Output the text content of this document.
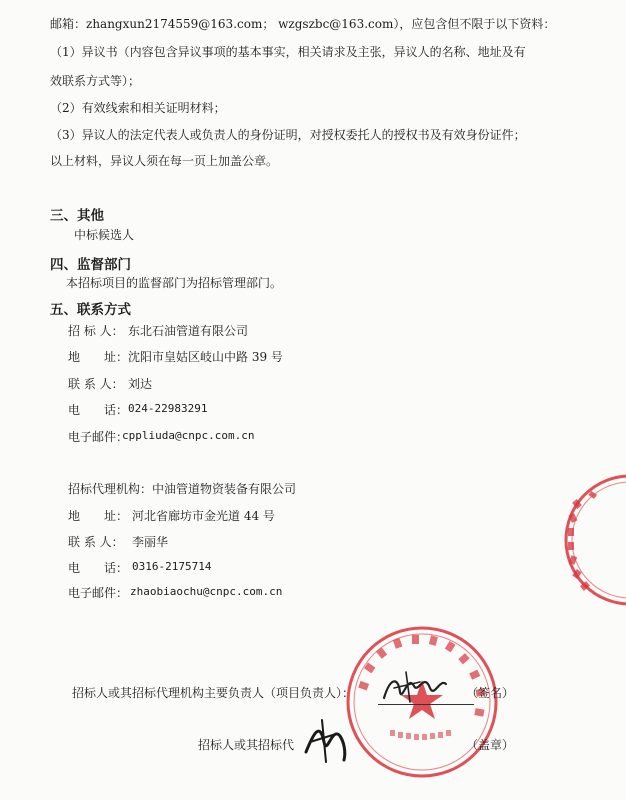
邮箱：zhangxun2174559@163.com； wzgszbc@163.com），应包含但不限于以下资料：
（1）异议书（内容包含异议事项的基本事实，相关请求及主张，异议人的名称、地址及有
效联系方式等）；
（2）有效线索和相关证明材料；
（3）异议人的法定代表人或负责人的身份证明，对授权委托人的授权书及有效身份证件；
以上材料，异议人须在每一页上加盖公章。
三、其他
中标候选人
四、监督部门
本招标项目的监督部门为招标管理部门。
五、联系方式
招 标 人： 东北石油管道有限公司
地　　址： 沈阳市皇姑区岐山中路 39 号
联 系 人： 刘达
电　　话： 024-22983291
电子邮件：
cppliuda@cnpc.com.cn
招标代理机构： 中油管道物资装备有限公司
地　　址： 河北省廊坊市金光道 44 号
联 系 人： 李丽华
电　　话： 0316-2175714
电子邮件： zhaobiaochu@cnpc.com.cn
招标人或其招标代理机构主要负责人（项目负责人）：	（签名）
招标人或其招标代	（盖章）
